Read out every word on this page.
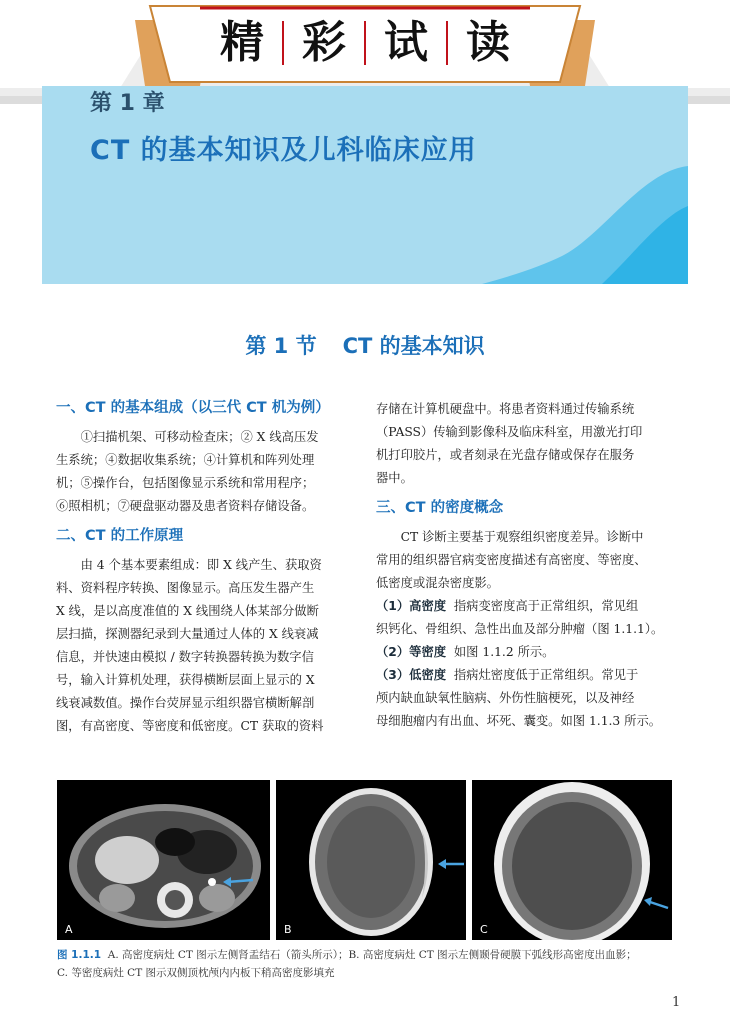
精 彩 试 读
第 1 章
CT 的基本知识及儿科临床应用
第 1 节 CT 的基本知识
一、CT 的基本组成（以三代 CT 机为例）
①扫描机架、可移动检查床；② X 线高压发
生系统；④数据收集系统；④计算机和阵列处理
机；⑤操作台，包括图像显示系统和常用程序；
⑥照相机；⑦硬盘驱动器及患者资料存储设备。
二、CT 的工作原理
由 4 个基本要素组成：即 X 线产生、获取资
料、资料程序转换、图像显示。高压发生器产生
X 线，是以高度准值的 X 线围绕人体某部分做断
层扫描，探测器纪录到大量通过人体的 X 线衰减
信息，并快速由模拟 / 数字转换器转换为数字信
号，输入计算机处理，获得横断层面上显示的 X
线衰减数值。操作台荧屏显示组织器官横断解剖
图，有高密度、等密度和低密度。CT 获取的资料
存储在计算机硬盘中。将患者资料通过传输系统
（PASS）传输到影像科及临床科室，用激光打印
机打印胶片，或者刻录在光盘存储或保存在服务
器中。
三、CT 的密度概念
CT 诊断主要基于观察组织密度差异。诊断中
常用的组织器官病变密度描述有高密度、等密度、
低密度或混杂密度影。
（1）高密度 指病变密度高于正常组织，常见组
织钙化、骨组织、急性出血及部分肿瘤（图 1.1.1）。
（2）等密度 如图 1.1.2 所示。
（3）低密度 指病灶密度低于正常组织。常见于
颅内缺血缺氧性脑病、外伤性脑梗死，以及神经
母细胞瘤内有出血、坏死、囊变。如图 1.1.3 所示。
A	B	C
图 1.1.1 A. 高密度病灶 CT 图示左侧肾盂结石（箭头所示）；B. 高密度病灶 CT 图示左侧颞骨硬膜下弧线形高密度出血影；
C. 等密度病灶 CT 图示双侧顶枕颅内内板下稍高密度影填充
1
